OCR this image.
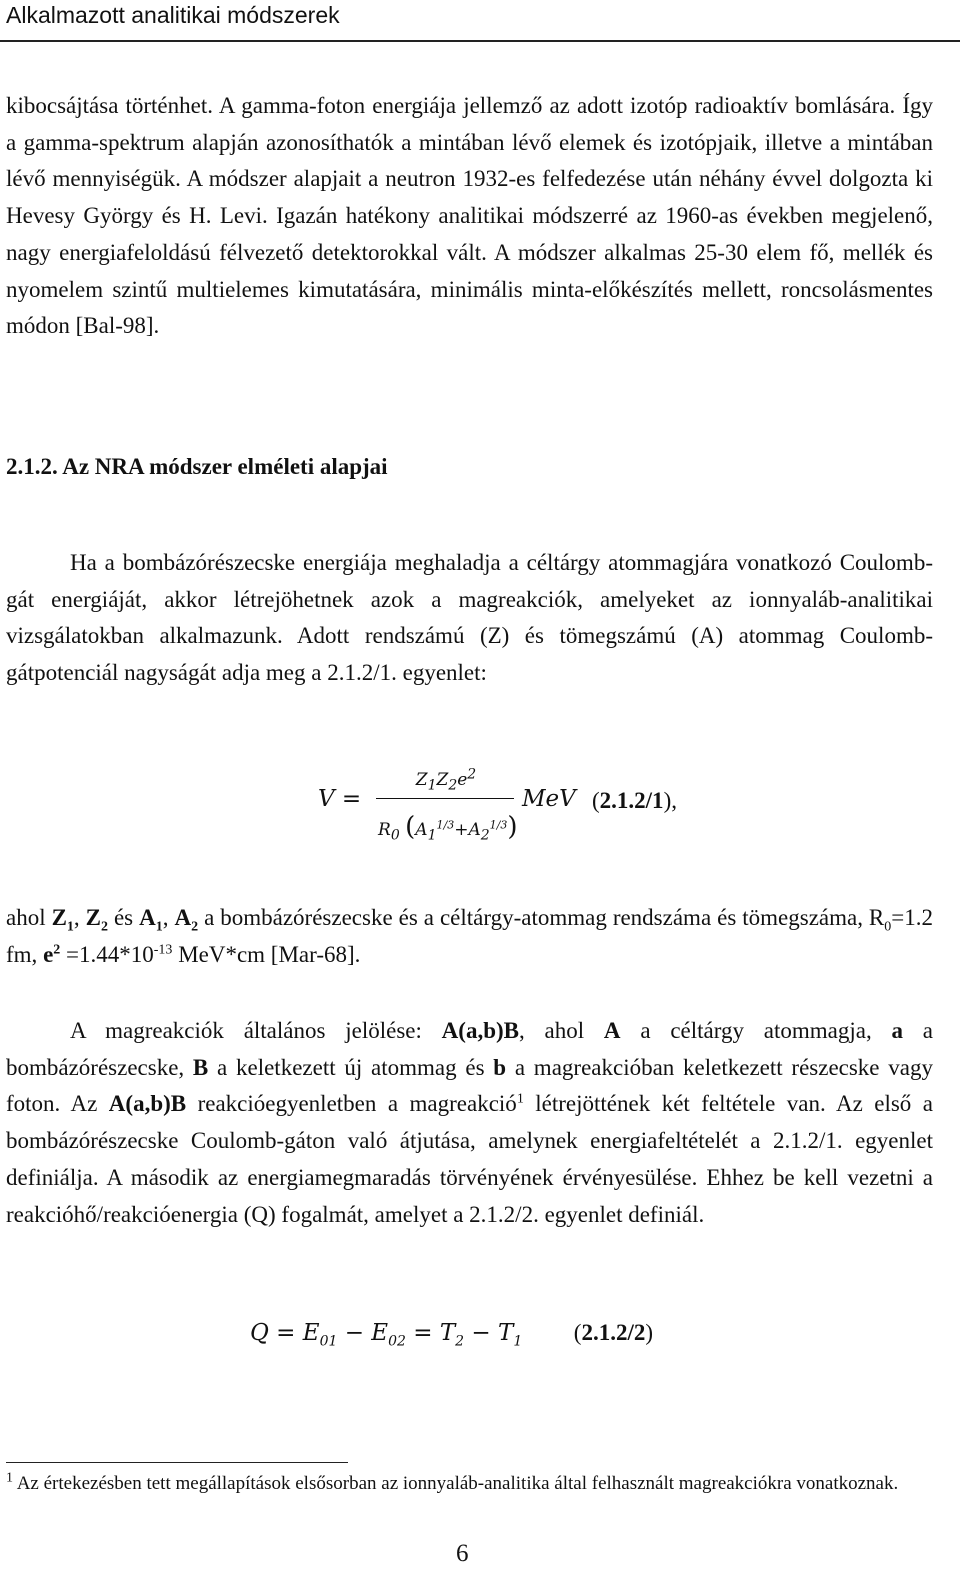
Alkalmazott analitikai módszerek

kibocsájtása történhet. A gamma-foton energiája jellemző az adott izotóp radioaktív bomlására. Így a gamma-spektrum alapján azonosíthatók a mintában lévő elemek és izotópjaik, illetve a mintában lévő mennyiségük. A módszer alapjait a neutron 1932-es felfedezése után néhány évvel dolgozta ki Hevesy György és H. Levi. Igazán hatékony analitikai módszerré az 1960-as években megjelenő, nagy energiafeloldású félvezető detektorokkal vált. A módszer alkalmas 25-30 elem fő, mellék és nyomelem szintű multielemes kimutatására, minimális minta-előkészítés mellett, roncsolásmentes módon [Bal-98].

2.1.2. Az NRA módszer elméleti alapjai

Ha a bombázórészecske energiája meghaladja a céltárgy atommagjára vonatkozó Coulomb-gát energiáját, akkor létrejöhetnek azok a magreakciók, amelyeket az ionnyaláb-analitikai vizsgálatokban alkalmazunk. Adott rendszámú (Z) és tömegszámú (A) atommag Coulomb-gátpotenciál nagyságát adja meg a 2.1.2/1. egyenlet:

V =
$Z_1Z_2e^2$
$R_0$ $(A_1^{1/3}+A_2^{1/3})$
MeV (2.1.2/1),

ahol $Z_1$, $Z_2$ és $A_1$, $A_2$ a bombázórészecske és a céltárgy-atommag rendszáma és tömegszáma, $R_0=1.2$ fm, $e^2 =1.44*10^{-13}$ MeV*cm [Mar-68].

A magreakciók általános jelölése: A(a,b)B, ahol A a céltárgy atommagja, a a bombázórészecske, B a keletkezett új atommag és b a magreakcióban keletkezett részecske vagy foton. Az A(a,b)B reakcióegyenletben a magreakció$^1$ létrejöttének két feltétele van. Az első a bombázórészecske Coulomb-gáton való átjutása, amelynek energiafeltételét a 2.1.2/1. egyenlet definiálja. A második az energiamegmaradás törvényének érvényesülése. Ehhez be kell vezetni a reakcióhő/reakcióenergia (Q) fogalmát, amelyet a 2.1.2/2. egyenlet definiál.

$Q = E_{01} - E_{02} = T_2 - T_1$ (2.1.2/2)

$^1$ Az értekezésben tett megállapítások elsősorban az ionnyaláb-analitika által felhasznált magreakciókra vonatkoznak.

6
